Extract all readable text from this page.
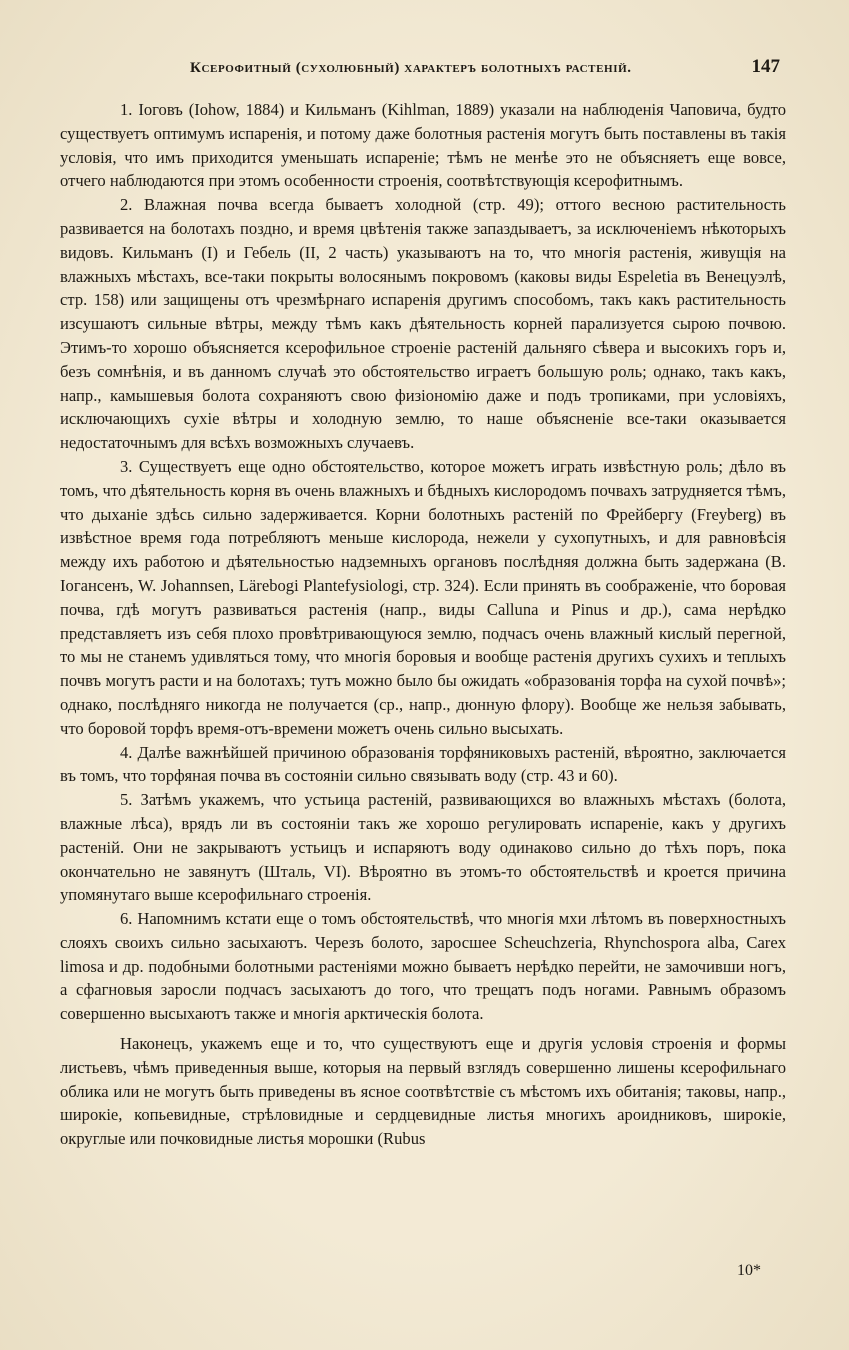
Ксерофитный (сухолюбный) характеръ болотныхъ растеній.	147

1. Іоговъ (Iohow, 1884) и Кильманъ (Kihlman, 1889) указали на наблюденія Чаповича, будто существуетъ оптимумъ испаренія, и потому даже болотныя растенія могутъ быть поставлены въ такія условія, что имъ приходится уменьшать испареніе; тѣмъ не менѣе это не объясняетъ еще вовсе, отчего наблюдаются при этомъ особенности строенія, соотвѣтствующія ксерофитнымъ.

2. Влажная почва всегда бываетъ холодной (стр. 49); оттого весною растительность развивается на болотахъ поздно, и время цвѣтенія также запаздываетъ, за исключеніемъ нѣкоторыхъ видовъ. Кильманъ (I) и Гебель (II, 2 часть) указываютъ на то, что многія растенія, живущія на влажныхъ мѣстахъ, все-таки покрыты волосянымъ покровомъ (каковы виды Espeletia въ Венецуэлѣ, стр. 158) или защищены отъ чрезмѣрнаго испаренія другимъ способомъ, такъ какъ растительность изсушаютъ сильные вѣтры, между тѣмъ какъ дѣятельность корней парализуется сырою почвою. Этимъ-то хорошо объясняется ксерофильное строеніе растеній дальняго сѣвера и высокихъ горъ и, безъ сомнѣнія, и въ данномъ случаѣ это обстоятельство играетъ большую роль; однако, такъ какъ, напр., камышевыя болота сохраняютъ свою физіономію даже и подъ тропиками, при условіяхъ, исключающихъ сухіе вѣтры и холодную землю, то наше объясненіе все-таки оказывается недостаточнымъ для всѣхъ возможныхъ случаевъ.

3. Существуетъ еще одно обстоятельство, которое можетъ играть извѣстную роль; дѣло въ томъ, что дѣятельность корня въ очень влажныхъ и бѣдныхъ кислородомъ почвахъ затрудняется тѣмъ, что дыханіе здѣсь сильно задерживается. Корни болотныхъ растеній по Фрейбергу (Freyberg) въ извѣстное время года потребляютъ меньше кислорода, нежели у сухопутныхъ, и для равновѣсія между ихъ работою и дѣятельностью надземныхъ органовъ послѣдняя должна быть задержана (В. Іогансенъ, W. Johannsen, Lärebogi Plantefysiologi, стр. 324). Если принять въ соображеніе, что боровая почва, гдѣ могутъ развиваться растенія (напр., виды Calluna и Pinus и др.), сама нерѣдко представляетъ изъ себя плохо провѣтривающуюся землю, подчасъ очень влажный кислый перегной, то мы не станемъ удивляться тому, что многія боровыя и вообще растенія другихъ сухихъ и теплыхъ почвъ могутъ расти и на болотахъ; тутъ можно было бы ожидать «образованія торфа на сухой почвѣ»; однако, послѣдняго никогда не получается (ср., напр., дюнную флору). Вообще же нельзя забывать, что боровой торфъ время-отъ-времени можетъ очень сильно высыхать.

4. Далѣе важнѣйшей причиною образованія торфяниковыхъ растеній, вѣроятно, заключается въ томъ, что торфяная почва въ состояніи сильно связывать воду (стр. 43 и 60).

5. Затѣмъ укажемъ, что устьица растеній, развивающихся во влажныхъ мѣстахъ (болота, влажные лѣса), врядъ ли въ состояніи такъ же хорошо регулировать испареніе, какъ у другихъ растеній. Они не закрываютъ устьицъ и испаряютъ воду одинаково сильно до тѣхъ поръ, пока окончательно не завянутъ (Шталь, VI). Вѣроятно въ этомъ-то обстоятельствѣ и кроется причина упомянутаго выше ксерофильнаго строенія.

6. Напомнимъ кстати еще о томъ обстоятельствѣ, что многія мхи лѣтомъ въ поверхностныхъ слояхъ своихъ сильно засыхаютъ. Черезъ болото, заросшее Scheuchzeria, Rhynchospora alba, Carex limosa и др. подобными болотными растеніями можно бываетъ нерѣдко перейти, не замочивши ногъ, а сфагновыя заросли подчасъ засыхаютъ до того, что трещатъ подъ ногами. Равнымъ образомъ совершенно высыхаютъ также и многія арктическія болота.

Наконецъ, укажемъ еще и то, что существуютъ еще и другія условія строенія и формы листьевъ, чѣмъ приведенныя выше, которыя на первый взглядъ совершенно лишены ксерофильнаго облика или не могутъ быть приведены въ ясное соотвѣтствіе съ мѣстомъ ихъ обитанія; таковы, напр., широкіе, копьевидные, стрѣловидные и сердцевидные листья многихъ ароидниковъ, широкіе, округлые или почковидные листья морошки (Rubus

10*
